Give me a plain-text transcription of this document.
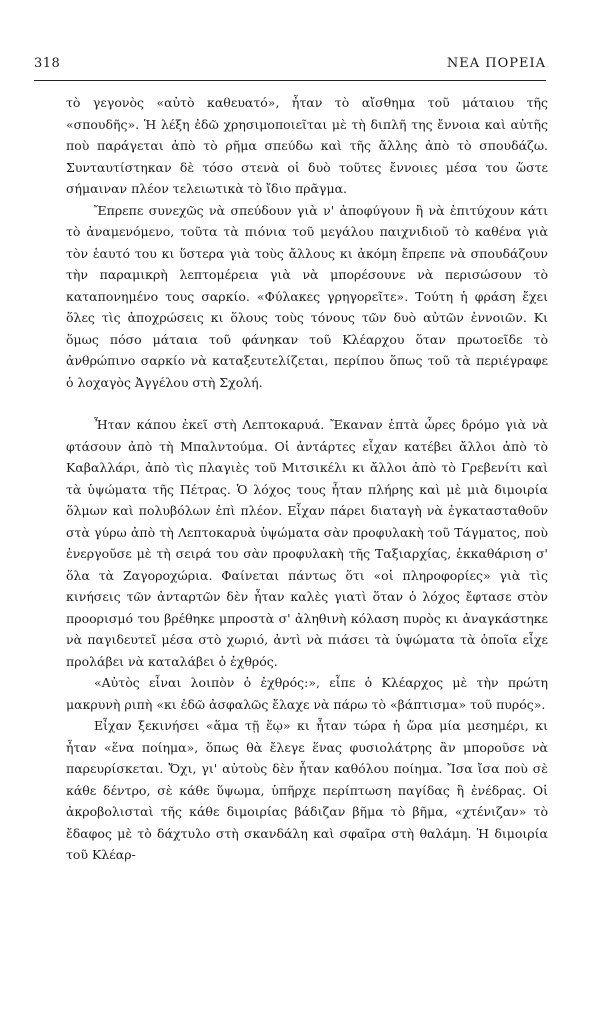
318	ΝΕΑ ΠΟΡΕΙΑ

τὸ γεγονὸς «αὐτὸ καθευατό», ἦταν τὸ αἴσθημα τοῦ μάταιου τῆς «σπουδῆς». Ἡ λέξη ἐδῶ χρησιμοποιεῖται μὲ τὴ διπλῆ της ἔννοια καὶ αὐτῆς ποὺ παράγεται ἀπὸ τὸ ρῆμα σπεύδω καὶ τῆς ἄλλης ἀπὸ τὸ σπουδάζω. Συνταυτίστηκαν δὲ τόσο στενὰ οἱ δυὸ τοῦτες ἔννοιες μέσα του ὥστε σήμαιναν πλέον τελειωτικὰ τὸ ἴδιο πρᾶγμα.

Ἔπρεπε συνεχῶς νὰ σπεύδουν γιὰ ν' ἀποφύγουν ἢ νὰ ἐπιτύχουν κάτι τὸ ἀναμενόμενο, τοῦτα τὰ πιόνια τοῦ μεγάλου παιχνιδιοῦ τὸ καθένα γιὰ τὸν ἑαυτό του κι ὕστερα γιὰ τοὺς ἄλλους κι ἀκόμη ἔπρεπε νὰ σπουδάζουν τὴν παραμικρὴ λεπτομέρεια γιὰ νὰ μπορέσουνε νὰ περισώσουν τὸ καταπονημένο τους σαρκίο. «Φύλακες γρηγορεῖτε». Τούτη ἡ φράση ἔχει ὅλες τὶς ἀποχρώσεις κι ὅλους τοὺς τόνους τῶν δυὸ αὐτῶν ἐννοιῶν. Κι ὅμως πόσο μάταια τοῦ φάνηκαν τοῦ Κλέαρχου ὅταν πρωτοεῖδε τὸ ἀνθρώπινο σαρκίο νὰ καταξευτελίζεται, περίπου ὅπως τοῦ τὰ περιέγραφε ὁ λοχαγὸς Ἀγγέλου στὴ Σχολή.

Ἦταν κάπου ἐκεῖ στὴ Λεπτοκαρυά. Ἔκαναν ἑπτὰ ὧρες δρόμο γιὰ νὰ φτάσουν ἀπὸ τὴ Μπαλντούμα. Οἱ ἀντάρτες εἶχαν κατέβει ἄλλοι ἀπὸ τὸ Καβαλλάρι, ἀπὸ τὶς πλαγιὲς τοῦ Μιτσικέλι κι ἄλλοι ἀπὸ τὸ Γρεβενίτι καὶ τὰ ὑψώματα τῆς Πέτρας. Ὁ λόχος τους ἦταν πλήρης καὶ μὲ μιὰ διμοιρία ὅλμων καὶ πολυβόλων ἐπὶ πλέον. Εἶχαν πάρει διαταγὴ νὰ ἐγκατασταθοῦν στὰ γύρω ἀπὸ τὴ Λεπτοκαρυὰ ὑψώματα σὰν προφυλακὴ τοῦ Τάγματος, ποὺ ἐνεργοῦσε μὲ τὴ σειρά του σὰν προφυλακὴ τῆς Ταξιαρχίας, ἐκκαθάριση σ' ὅλα τὰ Ζαγοροχώρια. Φαίνεται πάντως ὅτι «οἱ πληροφορίες» γιὰ τὶς κινήσεις τῶν ἀνταρτῶν δὲν ἦταν καλὲς γιατὶ ὅταν ὁ λόχος ἔφτασε στὸν προορισμό του βρέθηκε μπροστὰ σ' ἀληθινὴ κόλαση πυρὸς κι ἀναγκάστηκε νὰ παγιδευτεῖ μέσα στὸ χωριό, ἀντὶ νὰ πιάσει τὰ ὑψώματα τὰ ὁποῖα εἶχε προλάβει νὰ καταλάβει ὁ ἐχθρός.

«Αὐτὸς εἶναι λοιπὸν ὁ ἐχθρός:», εἶπε ὁ Κλέαρχος μὲ τὴν πρώτη μακρυνὴ ριπὴ «κι ἐδῶ ἀσφαλῶς ἔλαχε νὰ πάρω τὸ «βάπτισμα» τοῦ πυρός».

Εἶχαν ξεκινήσει «ἅμα τῇ ἕῳ» κι ἦταν τώρα ἡ ὥρα μία μεσημέρι, κι ἦταν «ἕνα ποίημα», ὅπως θὰ ἔλεγε ἕνας φυσιολάτρης ἂν μποροῦσε νὰ παρευρίσκεται. Ὄχι, γι' αὐτοὺς δὲν ἦταν καθόλου ποίημα. Ἴσα ἴσα ποὺ σὲ κάθε δέντρο, σὲ κάθε ὕψωμα, ὑπῆρχε περίπτωση παγίδας ἢ ἐνέδρας. Οἱ ἀκροβολισταὶ τῆς κάθε διμοιρίας βάδιζαν βῆμα τὸ βῆμα, «χτένιζαν» τὸ ἔδαφος μὲ τὸ δάχτυλο στὴ σκανδάλη καὶ σφαῖρα στὴ θαλάμη. Ἡ διμοιρία τοῦ Κλέαρ-
